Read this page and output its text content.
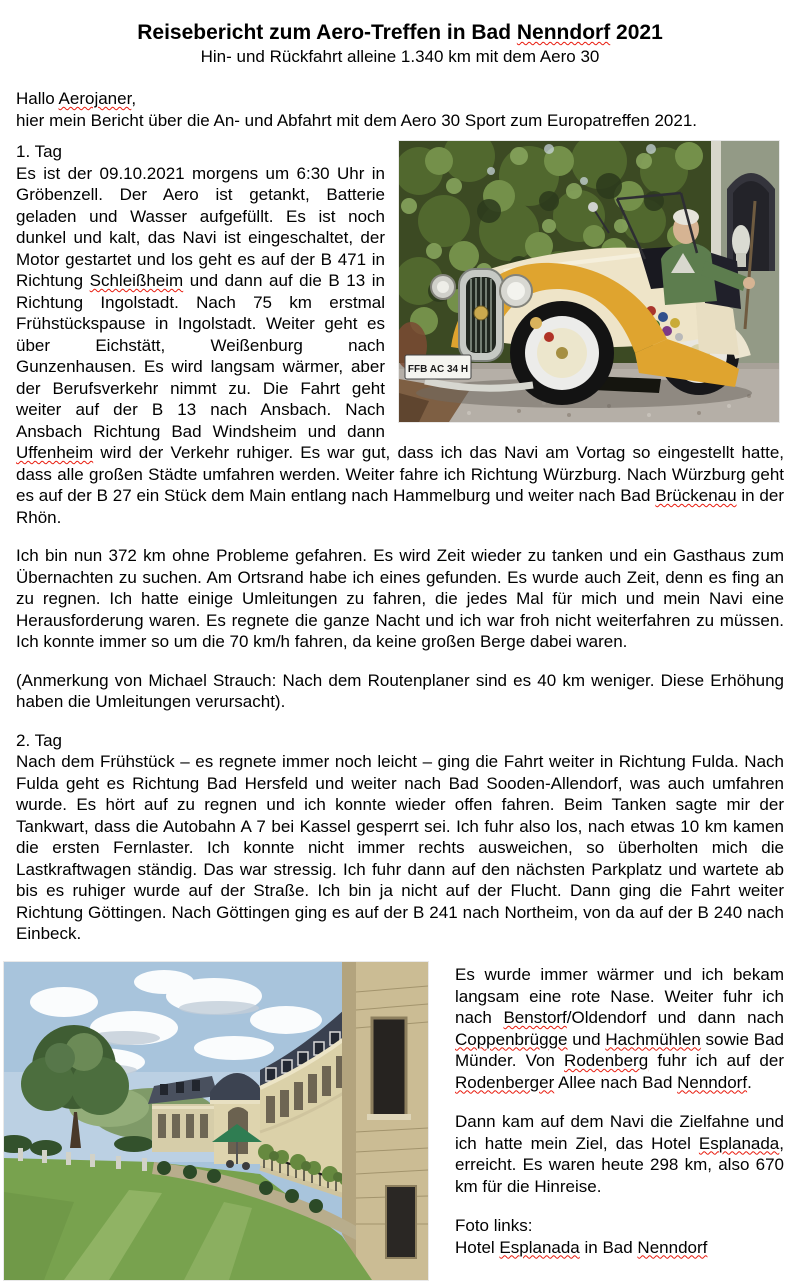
Reisebericht zum Aero-Treffen in Bad Nenndorf 2021

Hin- und Rückfahrt alleine 1.340 km mit dem Aero 30

Hallo Aerojaner,
hier mein Bericht über die An- und Abfahrt mit dem Aero 30 Sport zum Europatreffen 2021.
FFB AC 34 H
1. Tag

Es ist der 09.10.2021 morgens um 6:30 Uhr in Gröbenzell. Der Aero ist getankt, Batterie geladen und Wasser aufgefüllt. Es ist noch dunkel und kalt, das Navi ist eingeschaltet, der Motor gestartet und los geht es auf der B 471 in Richtung Schleißheim und dann auf die B 13 in Richtung Ingolstadt. Nach 75 km erstmal Frühstückspause in Ingolstadt. Weiter geht es über Eichstätt, Weißenburg nach Gunzenhausen. Es wird langsam wärmer, aber der Berufsverkehr nimmt zu. Die Fahrt geht weiter auf der B 13 nach Ansbach. Nach Ansbach Richtung Bad Windsheim und dann Uffenheim wird der Verkehr ruhiger. Es war gut, dass ich das Navi am Vortag so eingestellt hatte, dass alle großen Städte umfahren werden. Weiter fahre ich Richtung Würzburg. Nach Würzburg geht es auf der B 27 ein Stück dem Main entlang nach Hammelburg und weiter nach Bad Brückenau in der Rhön.

Ich bin nun 372 km ohne Probleme gefahren. Es wird Zeit wieder zu tanken und ein Gasthaus zum Übernachten zu suchen. Am Ortsrand habe ich eines gefunden. Es wurde auch Zeit, denn es fing an zu regnen. Ich hatte einige Umleitungen zu fahren, die jedes Mal für mich und mein Navi eine Herausforderung waren. Es regnete die ganze Nacht und ich war froh nicht weiterfahren zu müssen. Ich konnte immer so um die 70 km/h fahren, da keine großen Berge dabei waren.

(Anmerkung von Michael Strauch: Nach dem Routenplaner sind es 40 km weniger. Diese Erhöhung haben die Umleitungen verursacht).

2. Tag

Nach dem Frühstück – es regnete immer noch leicht – ging die Fahrt weiter in Richtung Fulda. Nach Fulda geht es Richtung Bad Hersfeld und weiter nach Bad Sooden-Allendorf, was auch umfahren wurde. Es hört auf zu regnen und ich konnte wieder offen fahren. Beim Tanken sagte mir der Tankwart, dass die Autobahn A 7 bei Kassel gesperrt sei. Ich fuhr also los, nach etwas 10 km kamen die ersten Fernlaster. Ich konnte nicht immer rechts ausweichen, so überholten mich die Lastkraftwagen ständig. Das war stressig. Ich fuhr dann auf den nächsten Parkplatz und wartete ab bis es ruhiger wurde auf der Straße. Ich bin ja nicht auf der Flucht. Dann ging die Fahrt weiter Richtung Göttingen. Nach Göttingen ging es auf der B 241 nach Northeim, von da auf der B 240 nach Einbeck.

Es wurde immer wärmer und ich bekam langsam eine rote Nase. Weiter fuhr ich nach Benstorf/Oldendorf und dann nach Coppenbrügge und Hachmühlen sowie Bad Münder. Von Rodenberg fuhr ich auf der Rodenberger Allee nach Bad Nenndorf.

Dann kam auf dem Navi die Zielfahne und ich hatte mein Ziel, das Hotel Esplanada, erreicht. Es waren heute 298 km, also 670 km für die Hinreise.

Foto links:
Hotel Esplanada in Bad Nenndorf
